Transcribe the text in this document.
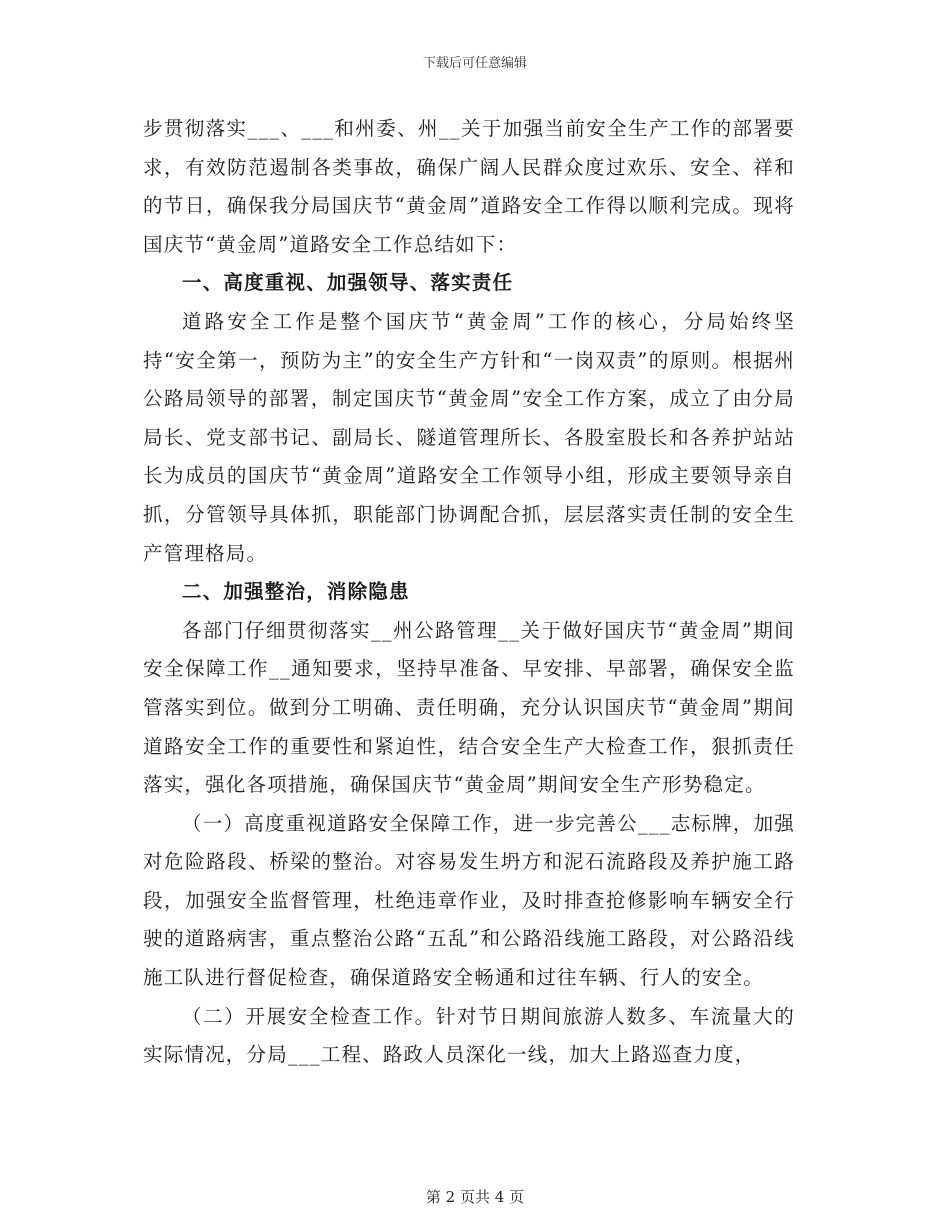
下载后可任意编辑

步贯彻落实___、___和州委、州__关于加强当前安全生产工作的部署要求，有效防范遏制各类事故，确保广阔人民群众度过欢乐、安全、祥和的节日，确保我分局国庆节“黄金周”道路安全工作得以顺利完成。现将国庆节“黄金周”道路安全工作总结如下：

一、高度重视、加强领导、落实责任

道路安全工作是整个国庆节“黄金周”工作的核心，分局始终坚持“安全第一，预防为主”的安全生产方针和“一岗双责”的原则。根据州公路局领导的部署，制定国庆节“黄金周”安全工作方案，成立了由分局局长、党支部书记、副局长、隧道管理所长、各股室股长和各养护站站长为成员的国庆节“黄金周”道路安全工作领导小组，形成主要领导亲自抓，分管领导具体抓，职能部门协调配合抓，层层落实责任制的安全生产管理格局。

二、加强整治，消除隐患

各部门仔细贯彻落实__州公路管理__关于做好国庆节“黄金周”期间安全保障工作__通知要求，坚持早准备、早安排、早部署，确保安全监管落实到位。做到分工明确、责任明确，充分认识国庆节“黄金周”期间道路安全工作的重要性和紧迫性，结合安全生产大检查工作，狠抓责任落实，强化各项措施，确保国庆节“黄金周”期间安全生产形势稳定。

（一）高度重视道路安全保障工作，进一步完善公___志标牌，加强对危险路段、桥梁的整治。对容易发生坍方和泥石流路段及养护施工路段，加强安全监督管理，杜绝违章作业，及时排查抢修影响车辆安全行驶的道路病害，重点整治公路“五乱”和公路沿线施工路段，对公路沿线施工队进行督促检查，确保道路安全畅通和过往车辆、行人的安全。

（二）开展安全检查工作。针对节日期间旅游人数多、车流量大的实际情况，分局___工程、路政人员深化一线，加大上路巡查力度，

第 2 页共 4 页
